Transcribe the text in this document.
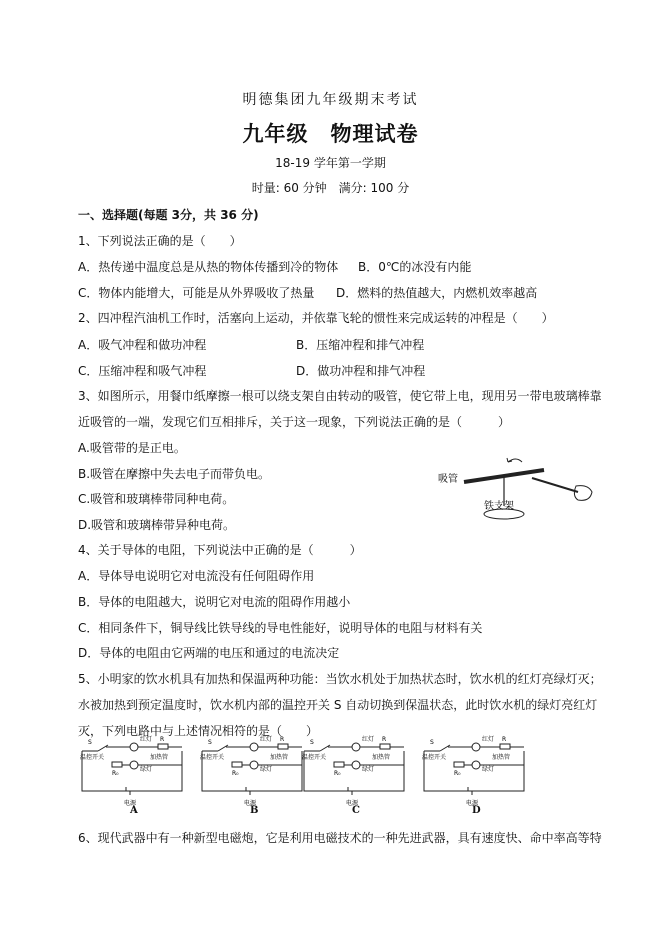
明德集团九年级期末考试
九年级　物理试卷
18-19 学年第一学期
时量: 60 分钟　满分: 100 分
一、选择题(每题 3分，共 36 分)
1、下列说法正确的是（　　）
A．热传递中温度总是从热的物体传播到冷的物体 B．0℃的冰没有内能
C．物体内能增大，可能是从外界吸收了热量 D．燃料的热值越大，内燃机效率越高
2、四冲程汽油机工作时，活塞向上运动，并依靠飞轮的惯性来完成运转的冲程是（　　）
A．吸气冲程和做功冲程	B．压缩冲程和排气冲程
C．压缩冲程和吸气冲程	D．做功冲程和排气冲程
3、如图所示，用餐巾纸摩擦一根可以绕支架自由转动的吸管，使它带上电，现用另一带电玻璃棒靠
近吸管的一端，发现它们互相排斥，关于这一现象，下列说法正确的是（　　　）
A.吸管带的是正电。
B.吸管在摩擦中失去电子而带负电。
C.吸管和玻璃棒带同种电荷。
D.吸管和玻璃棒带异种电荷。
吸管
铁支架
4、关于导体的电阻，下列说法中正确的是（　　　）
A．导体导电说明它对电流没有任何阻碍作用
B．导体的电阻越大，说明它对电流的阻碍作用越小
C．相同条件下，铜导线比铁导线的导电性能好，说明导体的电阻与材料有关
D．导体的电阻由它两端的电压和通过的电流决定
5、小明家的饮水机具有加热和保温两种功能：当饮水机处于加热状态时，饮水机的红灯亮绿灯灭；
水被加热到预定温度时，饮水机内部的温控开关 S 自动切换到保温状态，此时饮水机的绿灯亮红灯
灭，下列电路中与上述情况相符的是（　　）
红灯
绿灯
温控开关	加热管
电源
S	R
R₀
A
红灯
绿灯
温控开关	加热管
电源
S	R
R₀
B
红灯
绿灯
温控开关	加热管
电源
S	R
R₀
C
红灯
绿灯
温控开关	加热管
电源
S	R
R₀
D
6、现代武器中有一种新型电磁炮，它是利用电磁技术的一种先进武器，具有速度快、命中率高等特
